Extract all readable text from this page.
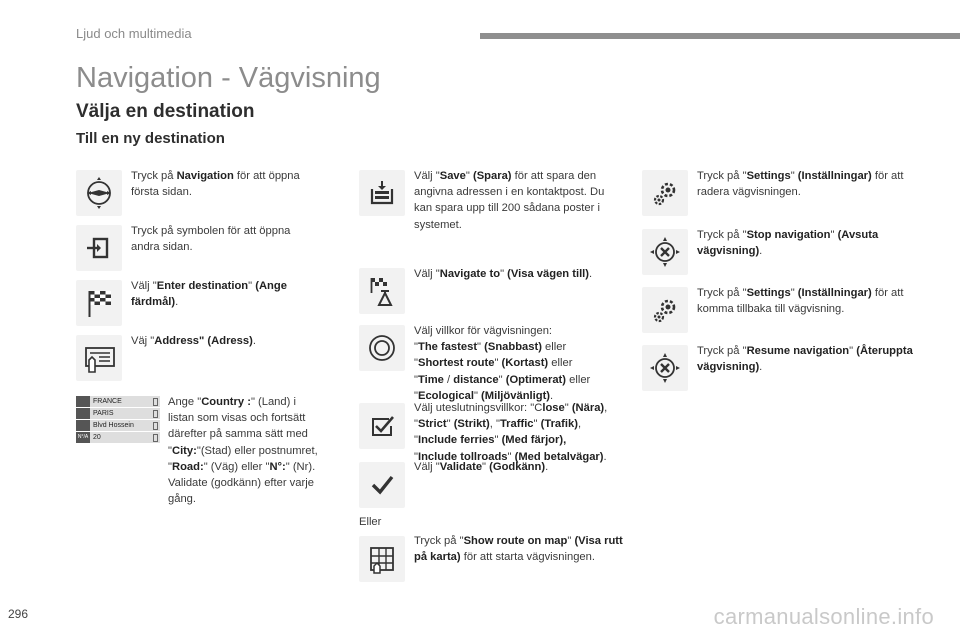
Ljud och multimedia
Navigation - Vägvisning
Välja en destination
Till en ny destination
Tryck på Navigation för att öppna första sidan.
Tryck på symbolen för att öppna andra sidan.
Välj "Enter destination" (Ange färdmål).
Väj "Address" (Adress).
FRANCE
PARIS
Blvd Hossein
N°/A 20
Ange "Country :" (Land) i
listan som visas och fortsätt
därefter på samma sätt med
"City:"(Stad) eller postnumret,
"Road:" (Väg) eller "N°:" (Nr).
Validate (godkänn) efter varje
gång.
Välj "Save" (Spara) för att spara den angivna adressen i en kontaktpost. Du kan spara upp till 200 sådana poster i systemet.
Välj "Navigate to" (Visa vägen till).
Välj villkor för vägvisningen:
"The fastest" (Snabbast) eller
"Shortest route" (Kortast) eller
"Time / distance" (Optimerat) eller
"Ecological" (Miljövänligt).
Välj uteslutningsvillkor: "Close" (Nära),
"Strict" (Strikt), "Traffic" (Trafik),
"Include ferries" (Med färjor),
"Include tollroads" (Med betalvägar).
Välj "Validate" (Godkänn).
Eller
Tryck på "Show route on map" (Visa rutt på karta) för att starta vägvisningen.
Tryck på "Settings" (Inställningar) för att radera vägvisningen.
Tryck på "Stop navigation" (Avsuta vägvisning).
Tryck på "Settings" (Inställningar) för att komma tillbaka till vägvisning.
Tryck på "Resume navigation" (Återuppta vägvisning).
296	carmanualsonline.info
